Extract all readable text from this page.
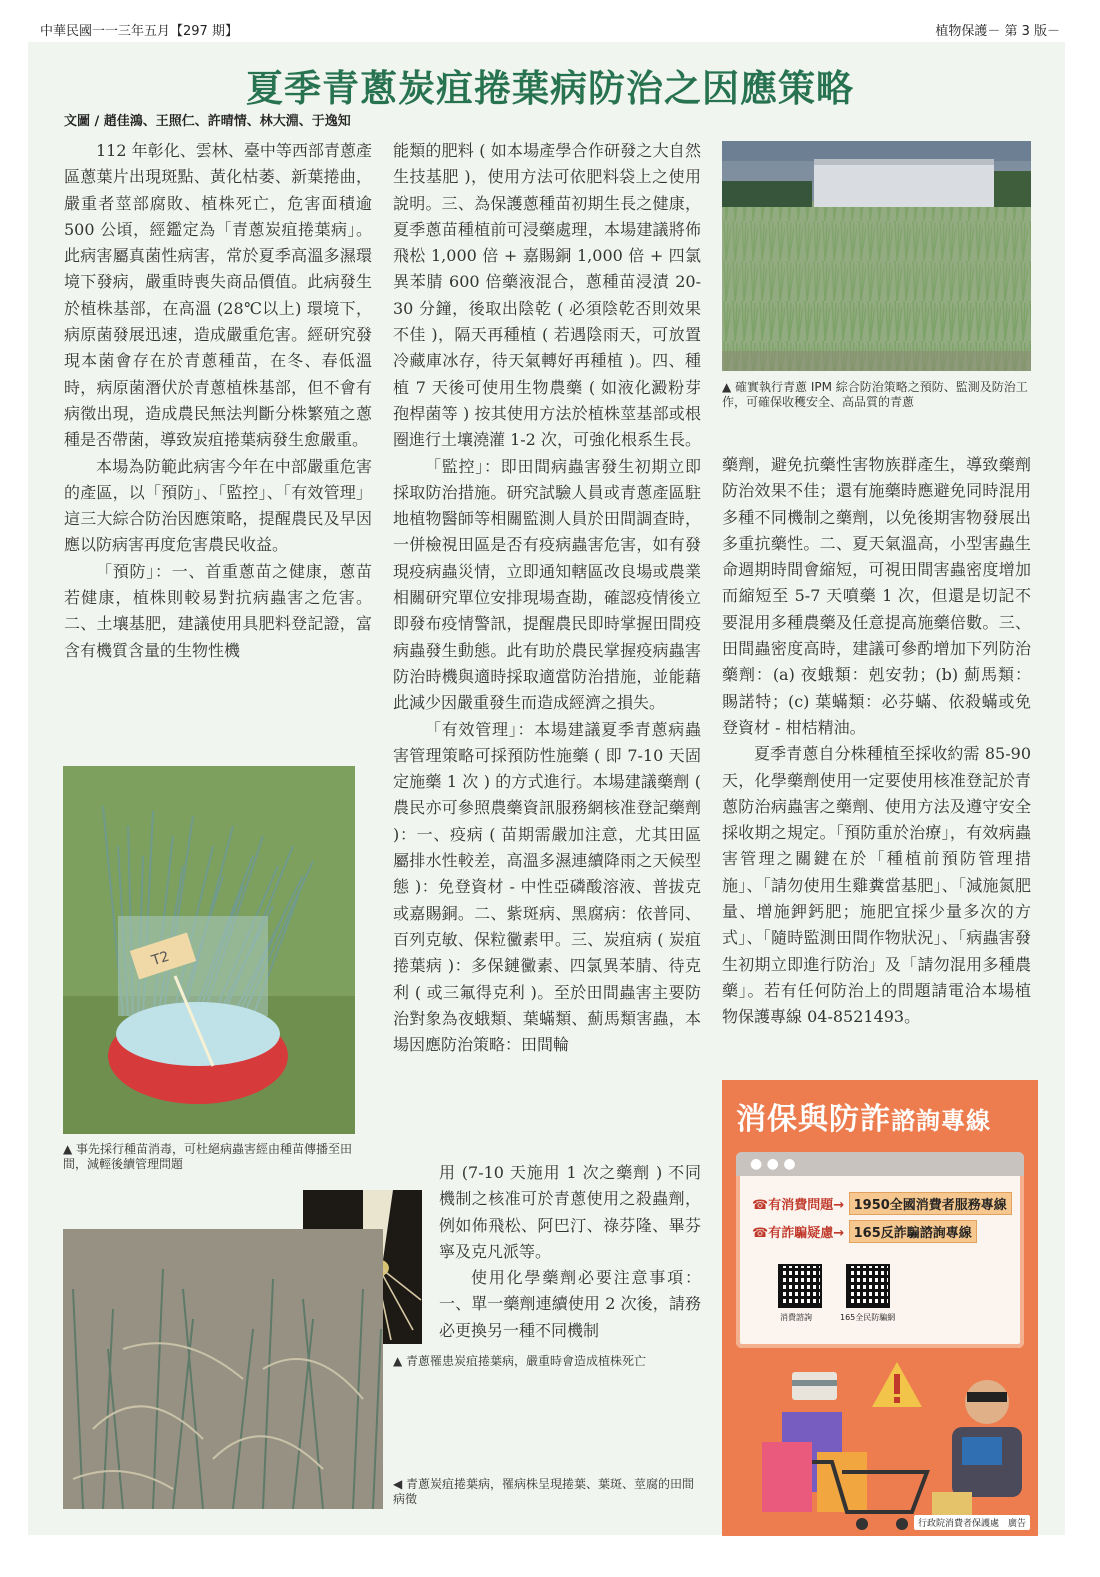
中華民國一一三年五月【297 期】	植物保護－ 第 3 版－
夏季青蔥炭疽捲葉病防治之因應策略
文圖 / 趙佳鴻、王照仁、許晴情、林大淵、于逸知

112 年彰化、雲林、臺中等西部青蔥產區蔥葉片出現斑點、黃化枯萎、新葉捲曲，嚴重者莖部腐敗、植株死亡，危害面積逾 500 公頃，經鑑定為「青蔥炭疽捲葉病」。此病害屬真菌性病害，常於夏季高溫多濕環境下發病，嚴重時喪失商品價值。此病發生於植株基部，在高溫 (28℃以上) 環境下，病原菌發展迅速，造成嚴重危害。經研究發現本菌會存在於青蔥種苗，在冬、春低溫時，病原菌潛伏於青蔥植株基部，但不會有病徵出現，造成農民無法判斷分株繁殖之蔥種是否帶菌，導致炭疽捲葉病發生愈嚴重。

本場為防範此病害今年在中部嚴重危害的產區，以「預防」、「監控」、「有效管理」這三大綜合防治因應策略，提醒農民及早因應以防病害再度危害農民收益。

「預防」：一、首重蔥苗之健康，蔥苗若健康，植株則較易對抗病蟲害之危害。二、土壤基肥，建議使用具肥料登記證，富含有機質含量的生物性機

能類的肥料 ( 如本場產學合作研發之大自然生技基肥 )，使用方法可依肥料袋上之使用說明。三、為保護蔥種苗初期生長之健康，夏季蔥苗種植前可浸藥處理，本場建議將佈飛松 1,000 倍 + 嘉賜銅 1,000 倍 + 四氯異苯腈 600 倍藥液混合，蔥種苗浸漬 20-30 分鐘，後取出陰乾 ( 必須陰乾否則效果不佳 )，隔天再種植 ( 若遇陰雨天，可放置冷藏庫冰存，待天氣轉好再種植 )。四、種植 7 天後可使用生物農藥 ( 如液化澱粉芽孢桿菌等 ) 按其使用方法於植株莖基部或根圈進行土壤澆灌 1-2 次，可強化根系生長。

「監控」：即田間病蟲害發生初期立即採取防治措施。研究試驗人員或青蔥產區駐地植物醫師等相關監測人員於田間調查時，一併檢視田區是否有疫病蟲害危害，如有發現疫病蟲災情，立即通知轄區改良場或農業相關研究單位安排現場查勘，確認疫情後立即發布疫情警訊，提醒農民即時掌握田間疫病蟲發生動態。此有助於農民掌握疫病蟲害防治時機與適時採取適當防治措施，並能藉此減少因嚴重發生而造成經濟之損失。

「有效管理」：本場建議夏季青蔥病蟲害管理策略可採預防性施藥 ( 即 7-10 天固定施藥 1 次 ) 的方式進行。本場建議藥劑 ( 農民亦可參照農藥資訊服務網核准登記藥劑 )：一、疫病 ( 苗期需嚴加注意，尤其田區屬排水性較差，高溫多濕連續降雨之天候型態 )：免登資材 - 中性亞磷酸溶液、普拔克或嘉賜銅。二、紫斑病、黑腐病：依普同、百列克敏、保粒黴素甲。三、炭疽病 ( 炭疽捲葉病 )：多保鏈黴素、四氯異苯腈、待克利 ( 或三氟得克利 )。至於田間蟲害主要防治對象為夜蛾類、葉蟎類、薊馬類害蟲，本場因應防治策略：田間輪

用 (7-10 天施用 1 次之藥劑 ) 不同機制之核准可於青蔥使用之殺蟲劑，例如佈飛松、阿巴汀、祿芬隆、畢芬寧及克凡派等。

使用化學藥劑必要注意事項：一、單一藥劑連續使用 2 次後，請務必更換另一種不同機制

藥劑，避免抗藥性害物族群產生，導致藥劑防治效果不佳；還有施藥時應避免同時混用多種不同機制之藥劑，以免後期害物發展出多重抗藥性。二、夏天氣溫高，小型害蟲生命週期時間會縮短，可視田間害蟲密度增加而縮短至 5-7 天噴藥 1 次，但還是切記不要混用多種農藥及任意提高施藥倍數。三、田間蟲密度高時，建議可參酌增加下列防治藥劑：(a) 夜蛾類：剋安勃；(b) 薊馬類：賜諾特；(c) 葉蟎類：必芬蟎、依殺蟎或免登資材 - 柑桔精油。

夏季青蔥自分株種植至採收約需 85-90 天，化學藥劑使用一定要使用核准登記於青蔥防治病蟲害之藥劑、使用方法及遵守安全採收期之規定。「預防重於治療」，有效病蟲害管理之關鍵在於「種植前預防管理措施」、「請勿使用生雞糞當基肥」、「減施氮肥量、增施鉀鈣肥；施肥宜採少量多次的方式」、「隨時監測田間作物狀況」、「病蟲害發生初期立即進行防治」及「請勿混用多種農藥」。若有任何防治上的問題請電洽本場植物保護專線 04-8521493。

▲ 確實執行青蔥 IPM 綜合防治策略之預防、監測及防治工作，可確保收穫安全、高品質的青蔥
T2
▲ 事先採行種苗消毒，可杜絕病蟲害經由種苗傳播至田間，減輕後續管理問題
▲ 青蔥罹患炭疽捲葉病，嚴重時會造成植株死亡
◀ 青蔥炭疽捲葉病，罹病株呈現捲葉、葉斑、莖腐的田間病徵
消保與防詐諮詢專線
● ● ●
☎有消費問題→ 1950全國消費者服務專線
☎有詐騙疑慮→ 165反詐騙諮詢專線
消費諮詢	165全民防騙網
行政院消費者保護處　廣告
